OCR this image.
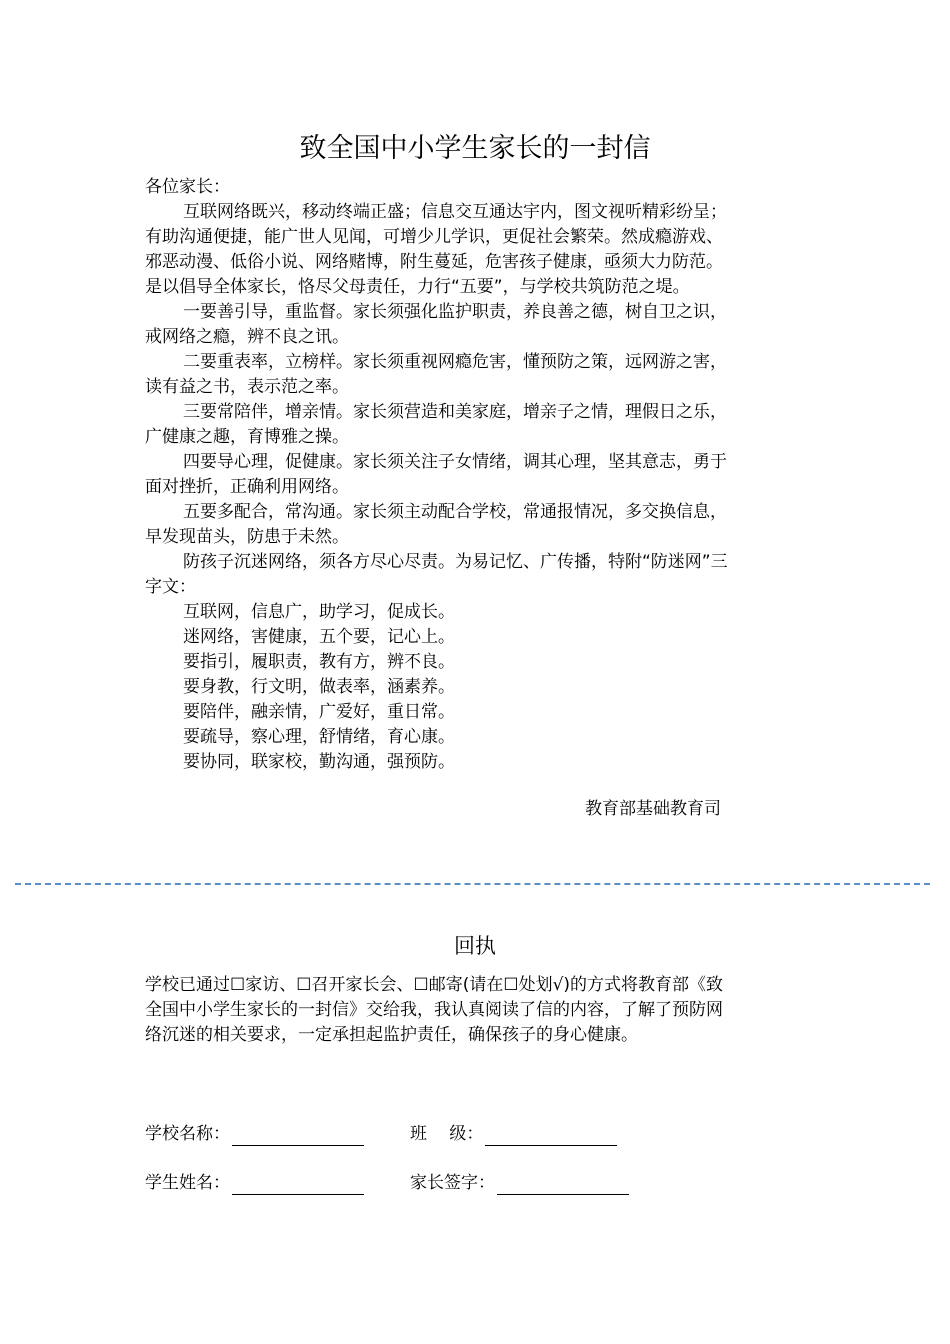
致全国中小学生家长的一封信

各位家长：

互联网络既兴，移动终端正盛；信息交互通达宇内，图文视听精彩纷呈；

有助沟通便捷，能广世人见闻，可增少儿学识，更促社会繁荣。然成瘾游戏、

邪恶动漫、低俗小说、网络赌博，附生蔓延，危害孩子健康，亟须大力防范。

是以倡导全体家长，恪尽父母责任，力行“五要”，与学校共筑防范之堤。

一要善引导，重监督。家长须强化监护职责，养良善之德，树自卫之识，

戒网络之瘾，辨不良之讯。

二要重表率，立榜样。家长须重视网瘾危害，懂预防之策，远网游之害，

读有益之书，表示范之率。

三要常陪伴，增亲情。家长须营造和美家庭，增亲子之情，理假日之乐，

广健康之趣，育博雅之操。

四要导心理，促健康。家长须关注子女情绪，调其心理，坚其意志，勇于

面对挫折，正确利用网络。

五要多配合，常沟通。家长须主动配合学校，常通报情况，多交换信息，

早发现苗头，防患于未然。

防孩子沉迷网络，须各方尽心尽责。为易记忆、广传播，特附“防迷网”三

字文：

互联网，信息广，助学习，促成长。

迷网络，害健康，五个要，记心上。

要指引，履职责，教有方，辨不良。

要身教，行文明，做表率，涵素养。

要陪伴，融亲情，广爱好，重日常。

要疏导，察心理，舒情绪，育心康。

要协同，联家校，勤沟通，强预防。

教育部基础教育司

回执

学校已通过☐家访、☐召开家长会、☐邮寄(请在☐处划√)的方式将教育部《致

全国中小学生家长的一封信》交给我，我认真阅读了信的内容，了解了预防网

络沉迷的相关要求，一定承担起监护责任，确保孩子的身心健康。

学校名称：	班　 级：
学生姓名：	家长签字：
